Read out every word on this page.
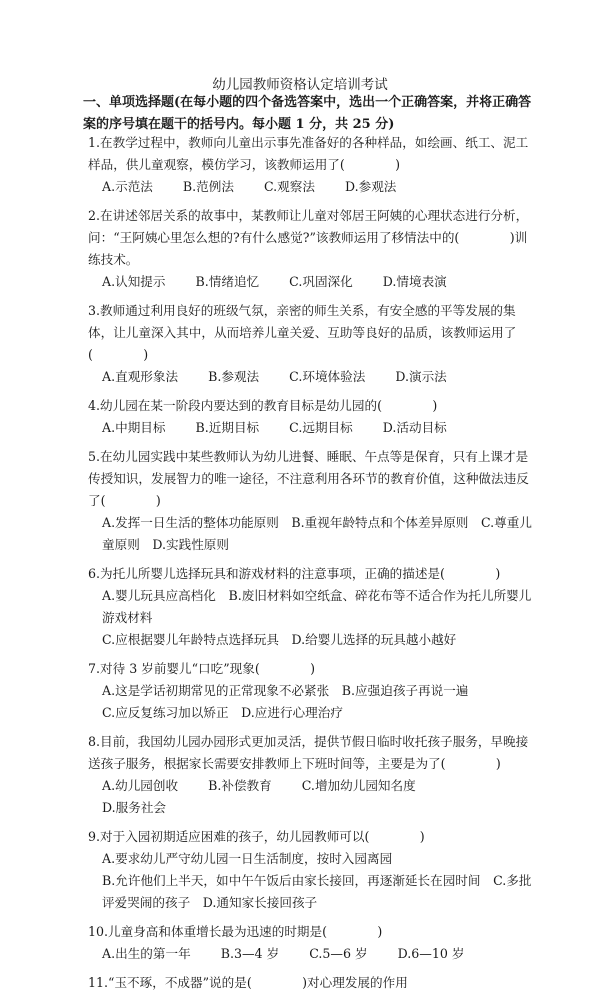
幼儿园教师资格认定培训考试

一、单项选择题(在每小题的四个备选答案中，选出一个正确答案，并将正确答案的序号填在题干的括号内。每小题 1 分，共 25 分)

1.在教学过程中，教师向儿童出示事先准备好的各种样品，如绘画、纸工、泥工样品，供儿童观察，模仿学习，该教师运用了(　　　　)
A.示范法 B.范例法 C.观察法 D.参观法
2.在讲述邻居关系的故事中，某教师让儿童对邻居王阿姨的心理状态进行分析，问：“王阿姨心里怎么想的?有什么感觉?”该教师运用了移情法中的(　　　　)训练技术。
A.认知提示 B.情绪追忆 C.巩固深化 D.情境表演
3.教师通过利用良好的班级气氛，亲密的师生关系，有安全感的平等发展的集体，让儿童深入其中，从而培养儿童关爱、互助等良好的品质，该教师运用了(　　　　)
A.直观形象法 B.参观法 C.环境体验法 D.演示法
4.幼儿园在某一阶段内要达到的教育目标是幼儿园的(　　　　)
A.中期目标 B.近期目标 C.远期目标 D.活动目标
5.在幼儿园实践中某些教师认为幼儿进餐、睡眠、午点等是保育，只有上课才是传授知识，发展智力的唯一途径，不注意利用各环节的教育价值，这种做法违反了(　　　　)
A.发挥一日生活的整体功能原则　B.重视年龄特点和个体差异原则　C.尊重儿童原则　D.实践性原则
6.为托儿所婴儿选择玩具和游戏材料的注意事项，正确的描述是(　　　　)
A.婴儿玩具应高档化　B.废旧材料如空纸盒、碎花布等不适合作为托儿所婴儿游戏材料
C.应根据婴儿年龄特点选择玩具　D.给婴儿选择的玩具越小越好
7.对待 3 岁前婴儿“口吃”现象(　　　　)
A.这是学话初期常见的正常现象不必紧张　B.应强迫孩子再说一遍
C.应反复练习加以矫正　D.应进行心理治疗
8.目前，我国幼儿园办园形式更加灵活，提供节假日临时收托孩子服务，早晚接送孩子服务，根据家长需要安排教师上下班时间等，主要是为了(　　　　)
A.幼儿园创收 B.补偿教育 C.增加幼儿园知名度 D.服务社会
9.对于入园初期适应困难的孩子，幼儿园教师可以(　　　　)
A.要求幼儿严守幼儿园一日生活制度，按时入园离园
B.允许他们上半天，如中午午饭后由家长接回，再逐渐延长在园时间　C.多批评爱哭闹的孩子　D.通知家长接回孩子
10.儿童身高和体重增长最为迅速的时期是(　　　　)
A.出生的第一年 B.3—4 岁 C.5—6 岁 D.6—10 岁
11.“玉不琢，不成器”说的是(　　　　)对心理发展的作用
